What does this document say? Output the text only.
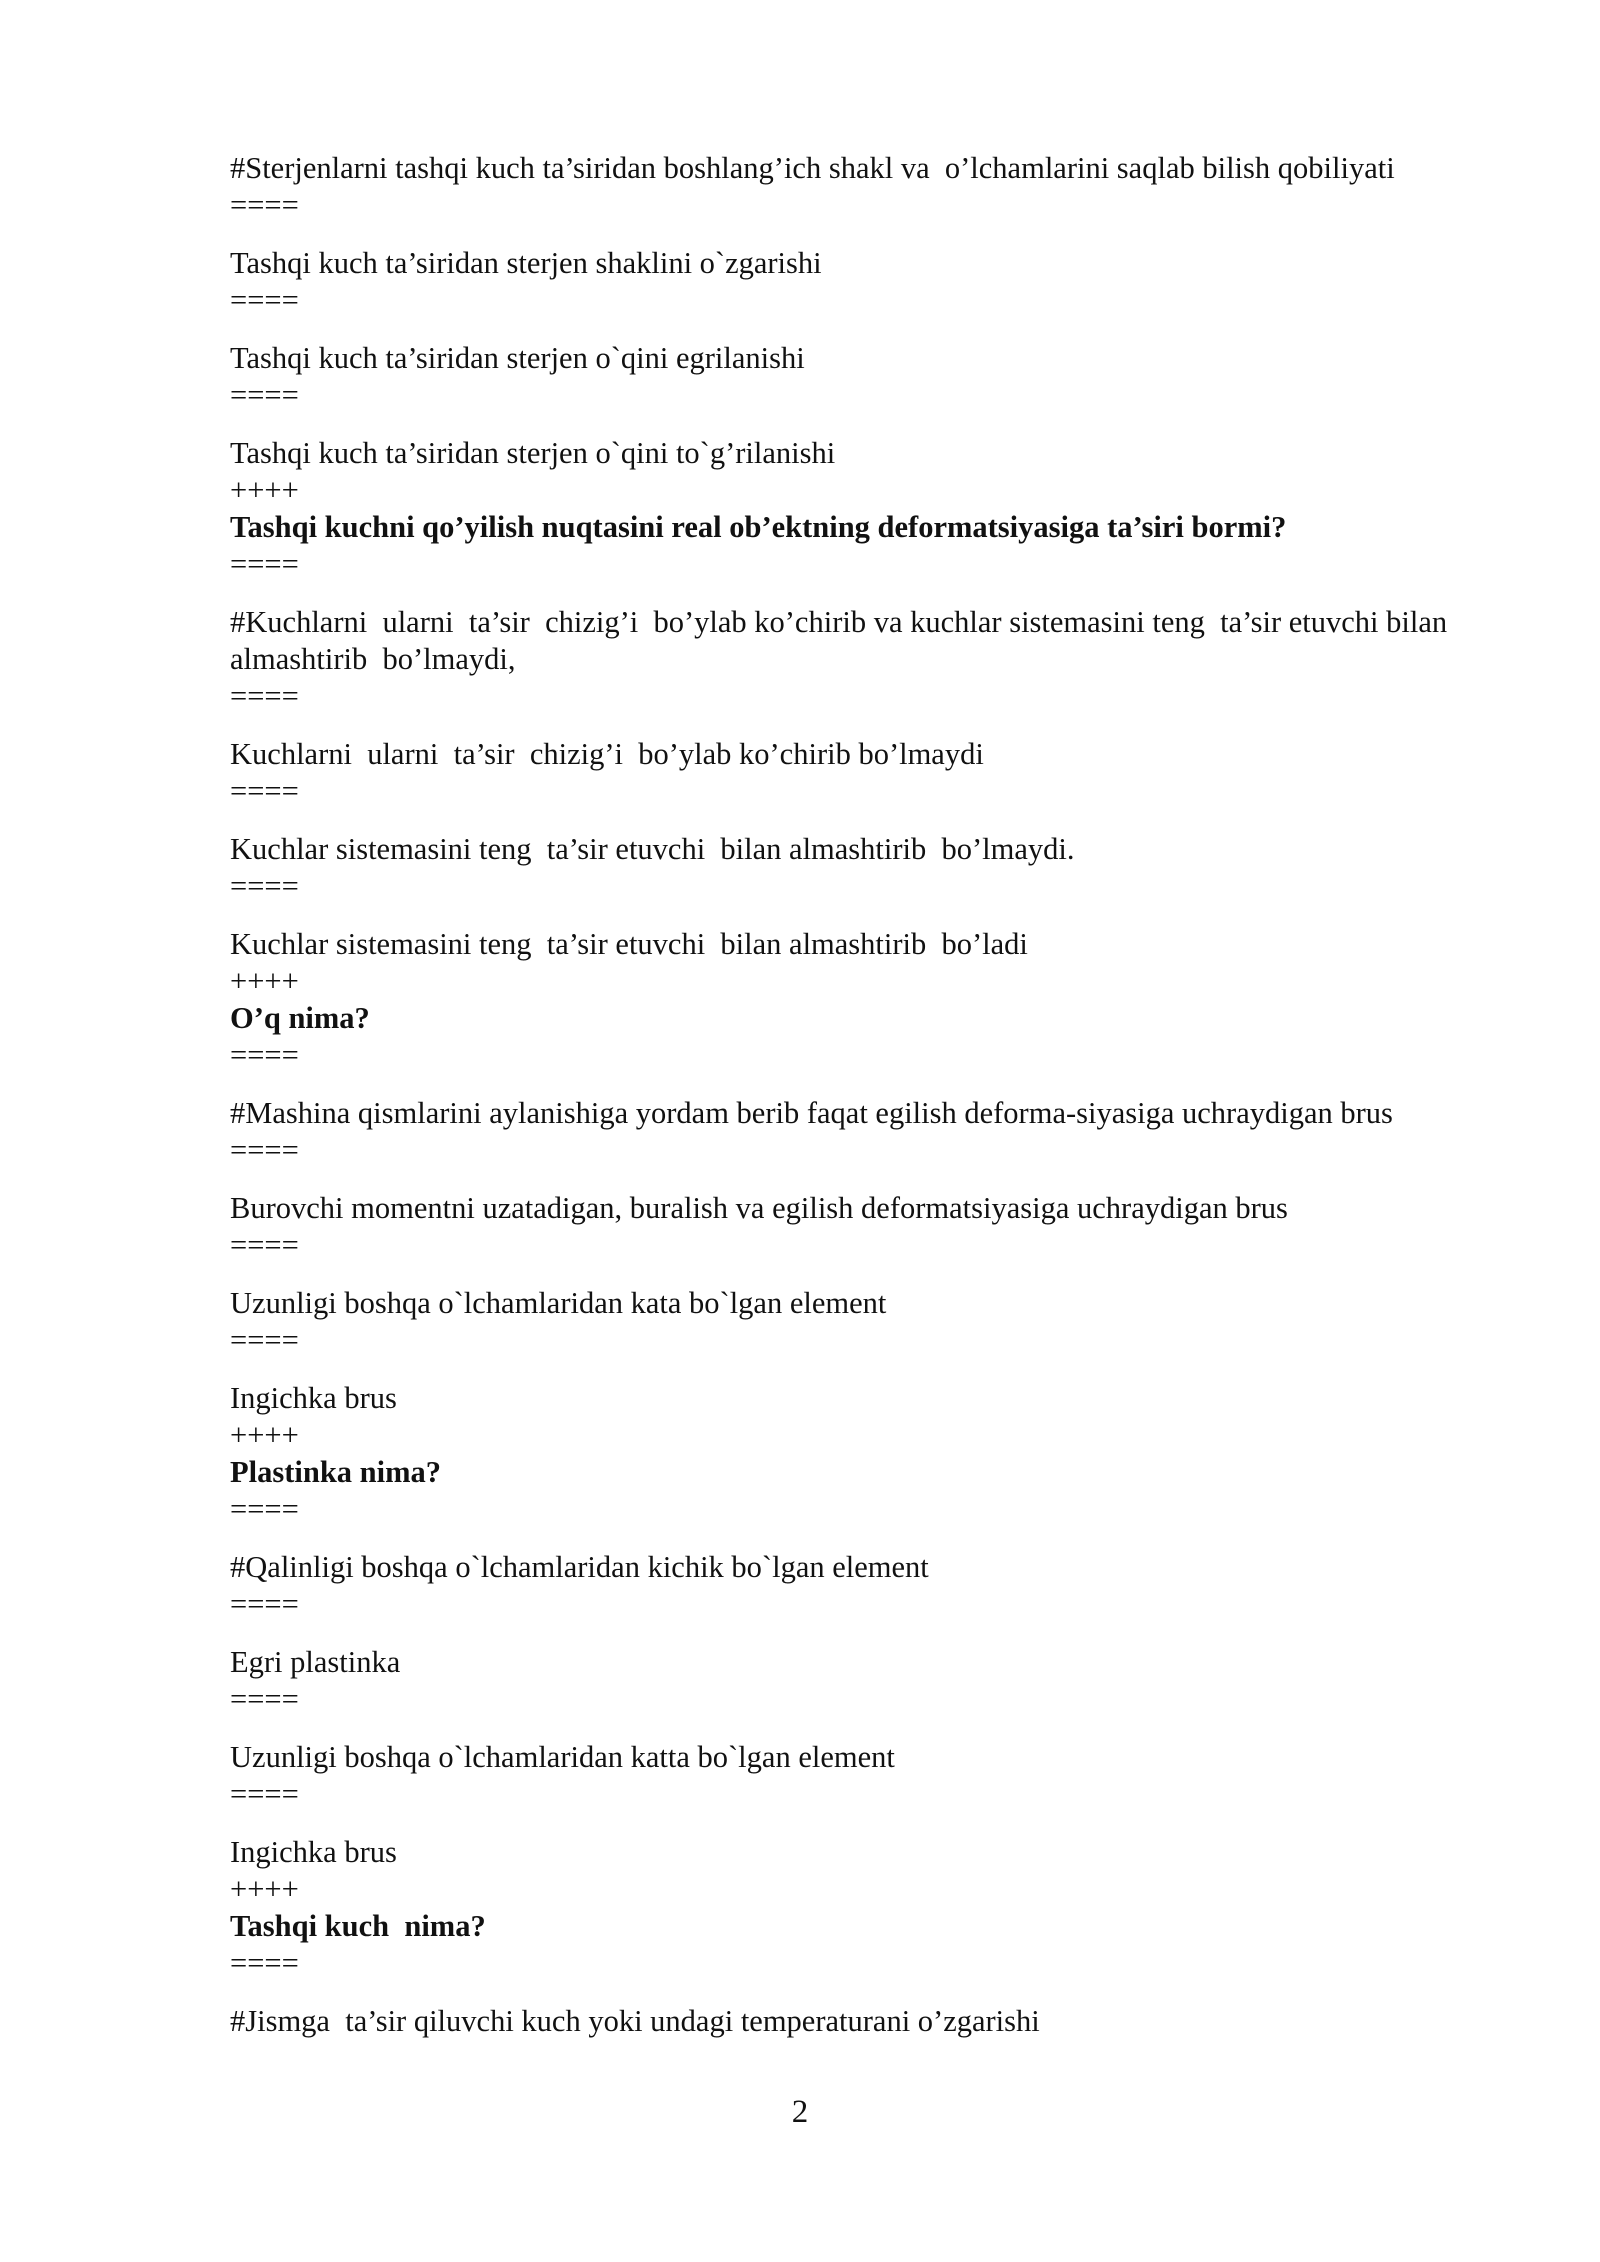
#Sterjenlarni tashqi kuch ta’siridan boshlang’ich shakl va  o’lchamlarini saqlab bilish qobiliyati
====
Tashqi kuch ta’siridan sterjen shaklini o`zgarishi
====
Tashqi kuch ta’siridan sterjen o`qini egrilanishi
====
Tashqi kuch ta’siridan sterjen o`qini to`g’rilanishi
++++
Tashqi kuchni qo’yilish nuqtasini real ob’ektning deformatsiyasiga ta’siri bormi?
====
#Kuchlarni  ularni  ta’sir  chizig’i  bo’ylab ko’chirib va kuchlar sistemasini teng  ta’sir etuvchi bilan almashtirib  bo’lmaydi,
====
Kuchlarni  ularni  ta’sir  chizig’i  bo’ylab ko’chirib bo’lmaydi
====
Kuchlar sistemasini teng  ta’sir etuvchi  bilan almashtirib  bo’lmaydi.
====
Kuchlar sistemasini teng  ta’sir etuvchi  bilan almashtirib  bo’ladi
++++
O’q nima?
====
#Mashina qismlarini aylanishiga yordam berib faqat egilish deforma-siyasiga uchraydigan brus
====
Burovchi momentni uzatadigan, buralish va egilish deformatsiyasiga uchraydigan brus
====
Uzunligi boshqa o`lchamlaridan kata bo`lgan element
====
Ingichka brus
++++
Plastinka nima?
====
#Qalinligi boshqa o`lchamlaridan kichik bo`lgan element
====
Egri plastinka
====
Uzunligi boshqa o`lchamlaridan katta bo`lgan element
====
Ingichka brus
++++
Tashqi kuch  nima?
====
#Jismga  ta’sir qiluvchi kuch yoki undagi temperaturani o’zgarishi
2
